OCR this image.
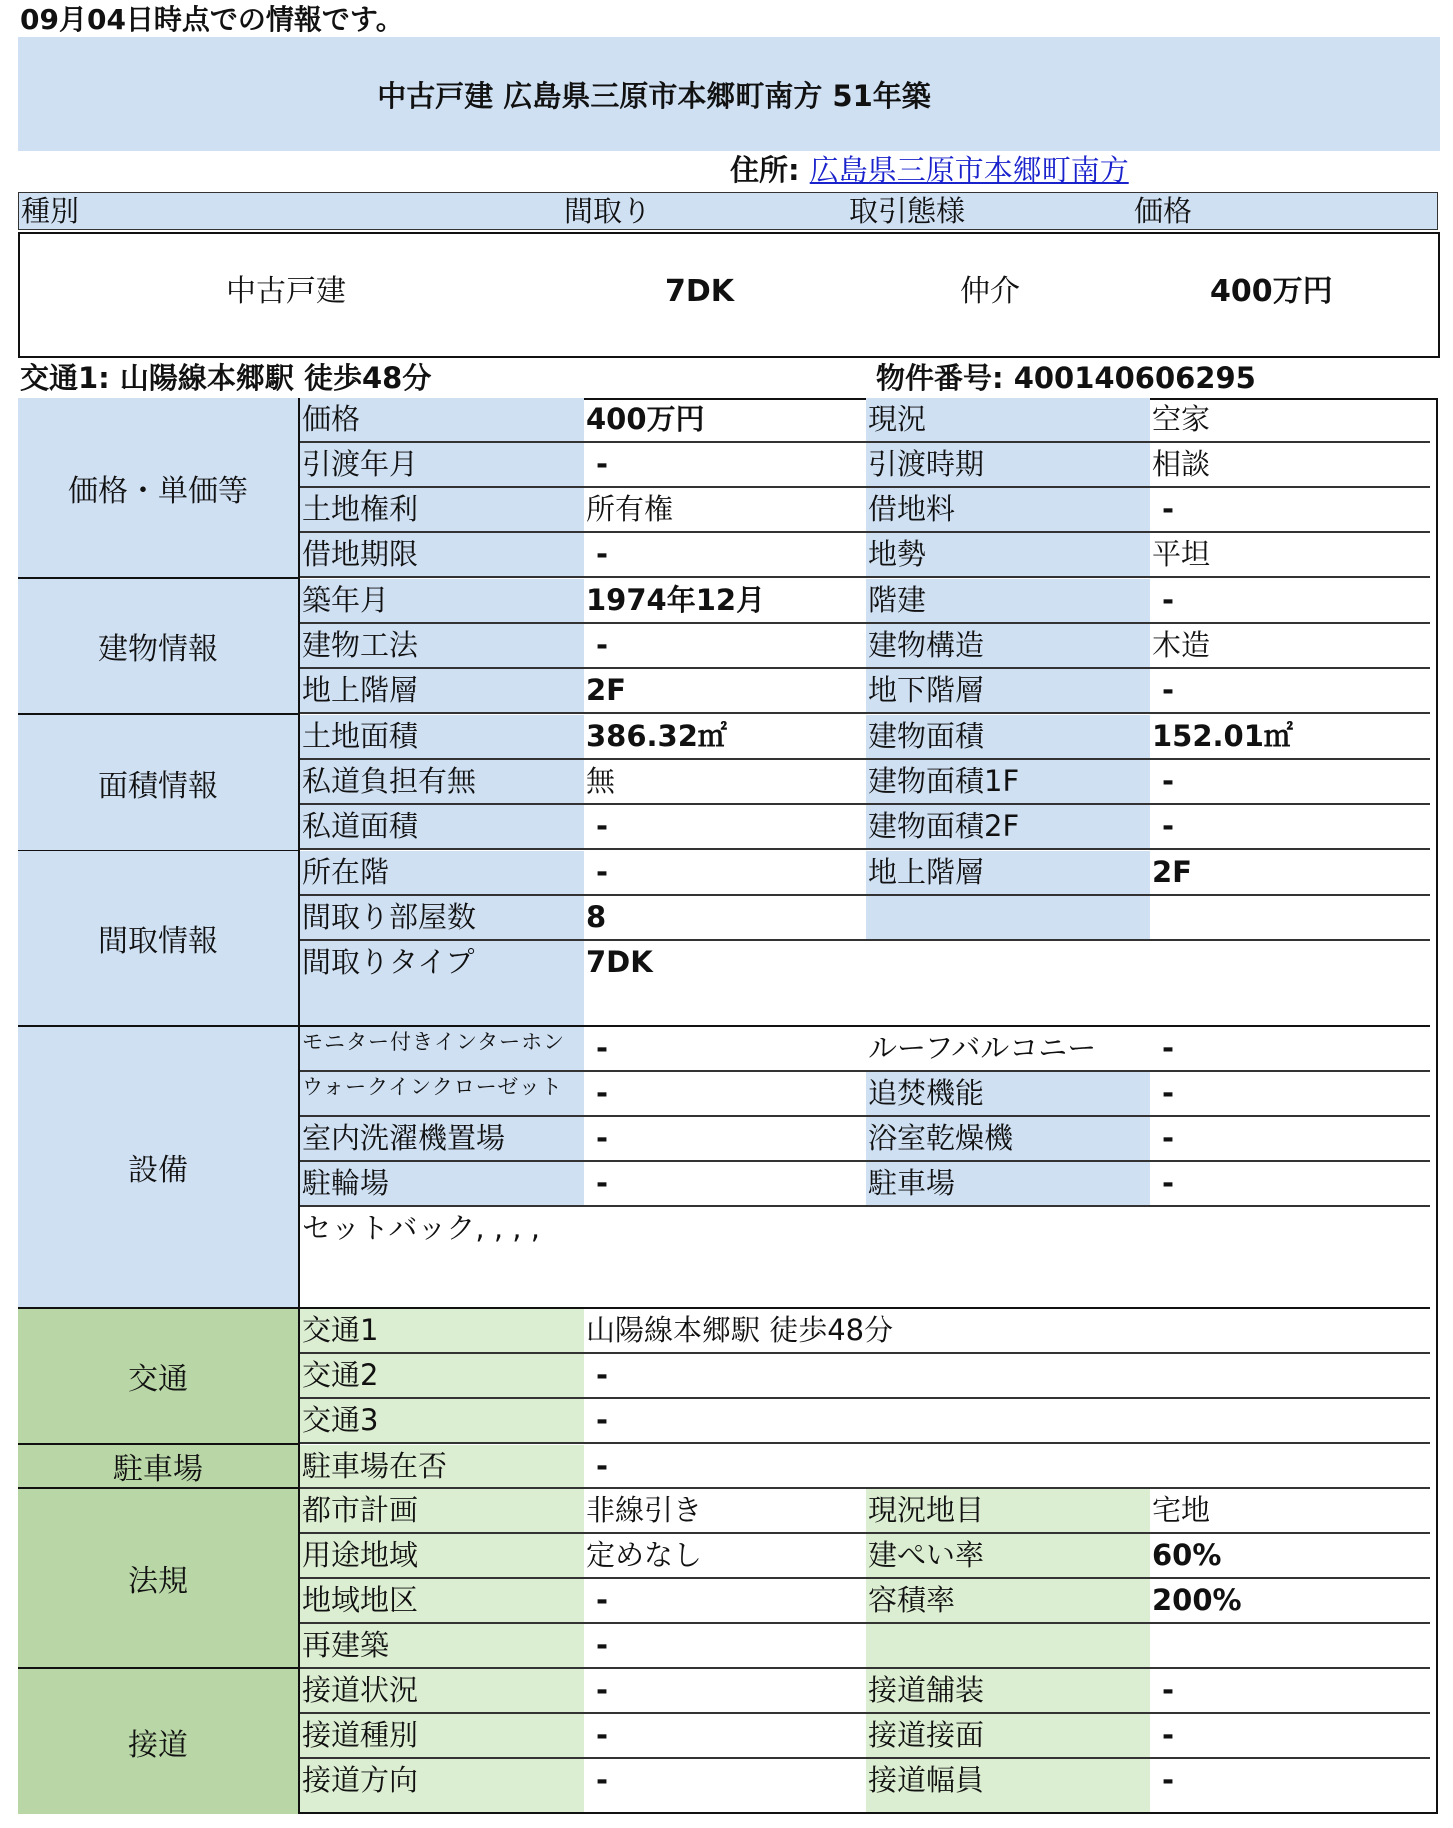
09月04日時点での情報です。
中古戸建 広島県三原市本郷町南方 51年築
住所: 広島県三原市本郷町南方
種別	間取り	取引態様	価格
中古戸建	7DK	仲介	400万円
交通1: 山陽線本郷駅 徒歩48分	物件番号: 400140606295
価格・単価等
価格	400万円	現況	空家
引渡年月	-	引渡時期	相談
土地権利	所有権	借地料	-
借地期限	-	地勢	平坦
建物情報
築年月	1974年12月	階建	-
建物工法	-	建物構造	木造
地上階層	2F	地下階層	-
面積情報
土地面積	386.32㎡	建物面積	152.01㎡
私道負担有無	無	建物面積1F	-
私道面積	-	建物面積2F	-
間取情報
所在階	-	地上階層	2F
間取り部屋数	8
間取りタイプ	7DK
設備
モニター付きインターホン	-	ルーフバルコニー	-
ウォークインクローゼット	-	追焚機能	-
室内洗濯機置場	-	浴室乾燥機	-
駐輪場	-	駐車場	-
セットバック, , , ,
交通
交通1	山陽線本郷駅 徒歩48分
交通2	-
交通3	-
駐車場	駐車場在否	-
法規
都市計画	非線引き	現況地目	宅地
用途地域	定めなし	建ぺい率	60%
地域地区	-	容積率	200%
再建築	-
接道
接道状況	-	接道舗装	-
接道種別	-	接道接面	-
接道方向	-	接道幅員	-
